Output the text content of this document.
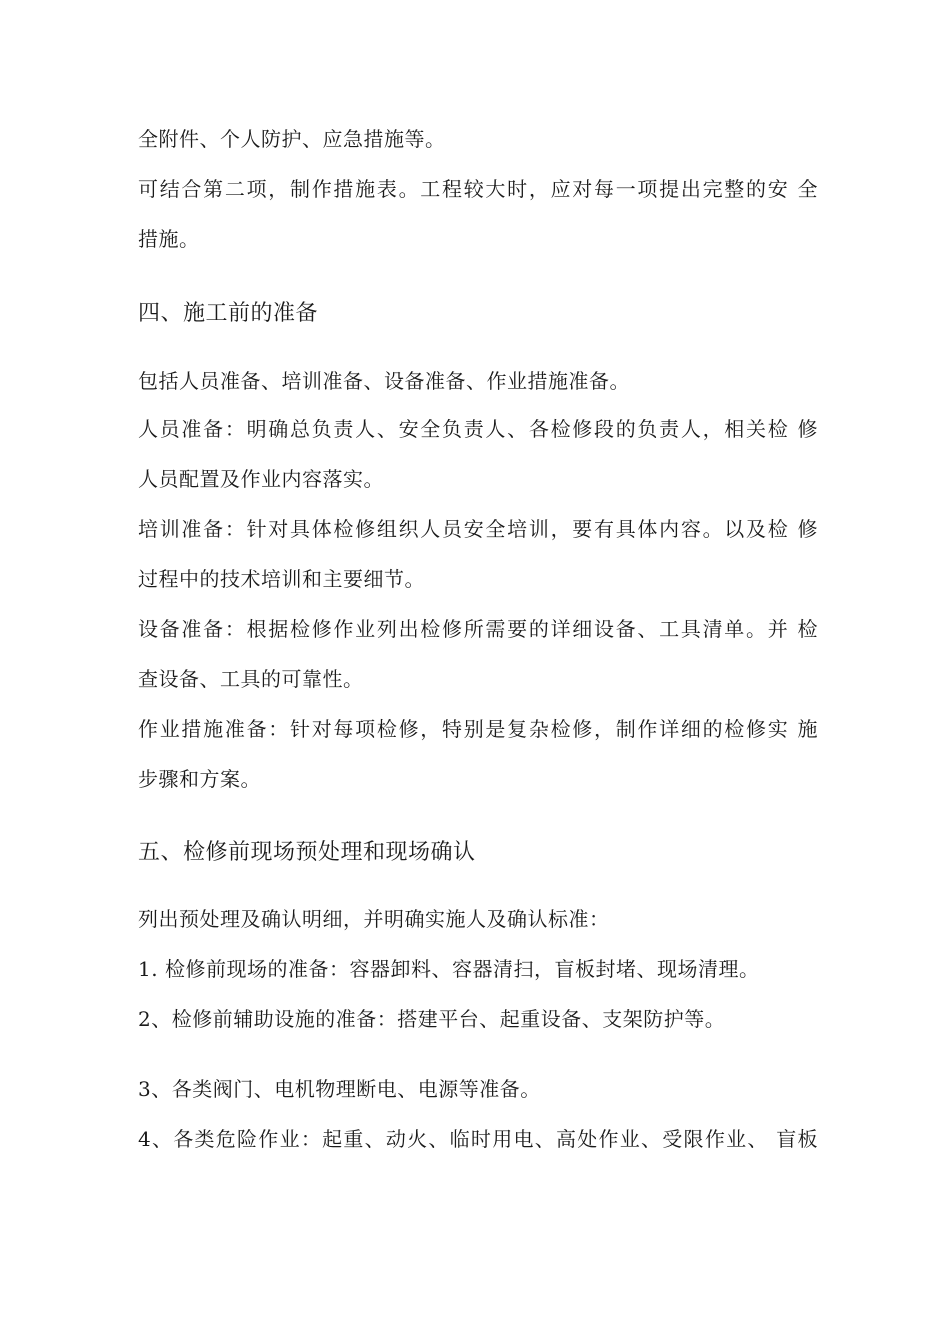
全附件、个人防护、应急措施等。
可结合第二项，制作措施表。工程较大时，应对每一项提出完整的安 全
措施。
四、施工前的准备
包括人员准备、培训准备、设备准备、作业措施准备。
人员准备：明确总负责人、安全负责人、各检修段的负责人，相关检 修
人员配置及作业内容落实。
培训准备：针对具体检修组织人员安全培训，要有具体内容。以及检 修
过程中的技术培训和主要细节。
设备准备：根据检修作业列出检修所需要的详细设备、工具清单。并 检
查设备、工具的可靠性。
作业措施准备：针对每项检修，特别是复杂检修，制作详细的检修实 施
步骤和方案。
五、检修前现场预处理和现场确认
列出预处理及确认明细，并明确实施人及确认标准：
1. 检修前现场的准备：容器卸料、容器清扫，盲板封堵、现场清理。
2、检修前辅助设施的准备：搭建平台、起重设备、支架防护等。
3、各类阀门、电机物理断电、电源等准备。
4、各类危险作业：起重、动火、临时用电、高处作业、受限作业、 盲板
